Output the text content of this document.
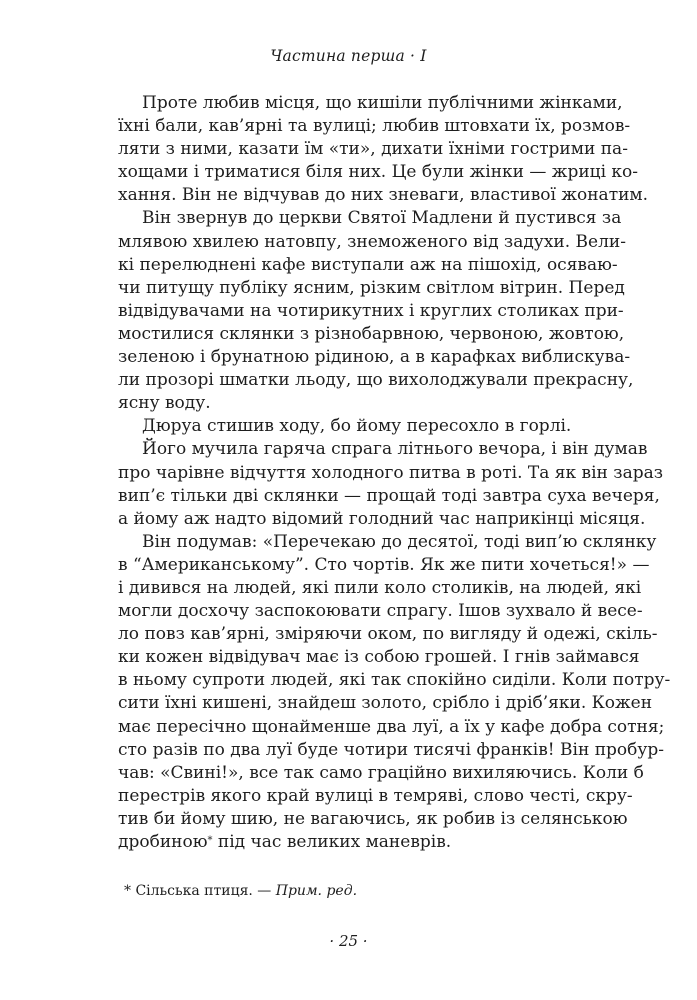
Частина перша · І
Проте любив місця, що кишіли публічними жінками,
їхні бали, кав’ярні та вулиці; любив штовхати їх, розмов-
ляти з ними, казати їм «ти», дихати їхніми гострими па-
хощами і триматися біля них. Це були жінки — жриці ко-
хання. Він не відчував до них зневаги, властивої жонатим.
Він звернув до церкви Святої Мадлени й пустився за
млявою хвилею натовпу, знеможеного від задухи. Вели-
кі перелюднені кафе виступали аж на пішохід, осяваю-
чи питущу публіку ясним, різким світлом вітрин. Перед
відвідувачами на чотирикутних і круглих столиках при-
мостилися склянки з різнобарвною, червоною, жовтою,
зеленою і брунатною рідиною, а в карафках виблискува-
ли прозорі шматки льоду, що вихолоджували прекрасну,
ясну воду.
Дюруа стишив ходу, бо йому пересохло в горлі.
Його мучила гаряча спрага літнього вечора, і він думав
про чарівне відчуття холодного питва в роті. Та як він зараз
вип’є тільки дві склянки — прощай тоді завтра суха вечеря,
а йому аж надто відомий голодний час наприкінці місяця.
Він подумав: «Перечекаю до десятої, тоді вип’ю склянку
в “Американському”. Сто чортів. Як же пити хочеться!» —
і дивився на людей, які пили коло столиків, на людей, які
могли досхочу заспокоювати спрагу. Ішов зухвало й весе-
ло повз кав’ярні, зміряючи оком, по вигляду й одежі, скіль-
ки кожен відвідувач має із собою грошей. І гнів займався
в ньому супроти людей, які так спокійно сиділи. Коли потру-
сити їхні кишені, знайдеш золото, срібло і дріб’яки. Кожен
має пересічно щонайменше два луї, а їх у кафе добра сотня;
сто разів по два луї буде чотири тисячі франків! Він пробур-
чав: «Свині!», все так само граційно вихиляючись. Коли б
перестрів якого край вулиці в темряві, слово честі, скру-
тив би йому шию, не вагаючись, як робив із селянською
дробиною* під час великих маневрів.
* Сільська птиця. — Прим. ред.
· 25 ·
